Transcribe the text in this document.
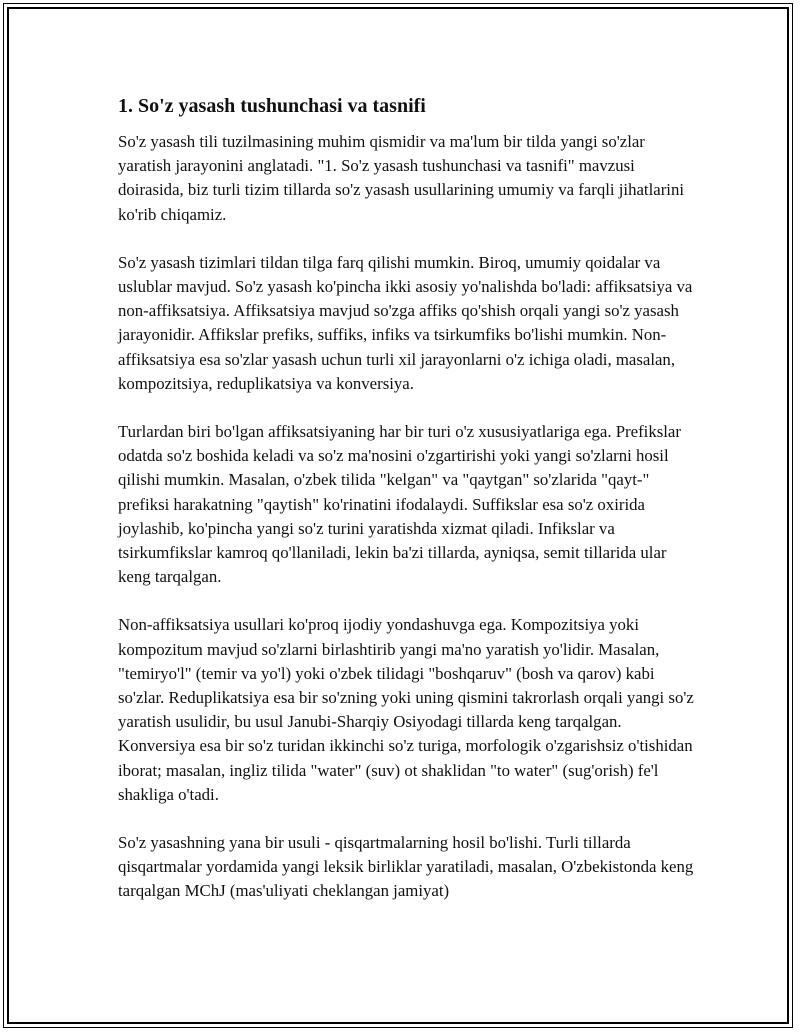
1. So'z yasash tushunchasi va tasnifi

So'z yasash tili tuzilmasining muhim qismidir va ma'lum bir tilda yangi so'zlar yaratish jarayonini anglatadi. "1. So'z yasash tushunchasi va tasnifi" mavzusi doirasida, biz turli tizim tillarda so'z yasash usullarining umumiy va farqli jihatlarini ko'rib chiqamiz.

So'z yasash tizimlari tildan tilga farq qilishi mumkin. Biroq, umumiy qoidalar va uslublar mavjud. So'z yasash ko'pincha ikki asosiy yo'nalishda bo'ladi: affiksatsiya va non-affiksatsiya. Affiksatsiya mavjud so'zga affiks qo'shish orqali yangi so'z yasash jarayonidir. Affikslar prefiks, suffiks, infiks va tsirkumfiks bo'lishi mumkin. Non-affiksatsiya esa so'zlar yasash uchun turli xil jarayonlarni o'z ichiga oladi, masalan, kompozitsiya, reduplikatsiya va konversiya.

Turlardan biri bo'lgan affiksatsiyaning har bir turi o'z xususiyatlariga ega. Prefikslar odatda so'z boshida keladi va so'z ma'nosini o'zgartirishi yoki yangi so'zlarni hosil qilishi mumkin. Masalan, o'zbek tilida "kelgan" va "qaytgan" so'zlarida "qayt-" prefiksi harakatning "qaytish" ko'rinatini ifodalaydi. Suffikslar esa so'z oxirida joylashib, ko'pincha yangi so'z turini yaratishda xizmat qiladi. Infikslar va tsirkumfikslar kamroq qo'llaniladi, lekin ba'zi tillarda, ayniqsa, semit tillarida ular keng tarqalgan.

Non-affiksatsiya usullari ko'proq ijodiy yondashuvga ega. Kompozitsiya yoki kompozitum mavjud so'zlarni birlashtirib yangi ma'no yaratish yo'lidir. Masalan, "temiryo'l" (temir va yo'l) yoki o'zbek tilidagi "boshqaruv" (bosh va qarov) kabi so'zlar. Reduplikatsiya esa bir so'zning yoki uning qismini takrorlash orqali yangi so'z yaratish usulidir, bu usul Janubi-Sharqiy Osiyodagi tillarda keng tarqalgan. Konversiya esa bir so'z turidan ikkinchi so'z turiga, morfologik o'zgarishsiz o'tishidan iborat; masalan, ingliz tilida "water" (suv) ot shaklidan "to water" (sug'orish) fe'l shakliga o'tadi.

So'z yasashning yana bir usuli - qisqartmalarning hosil bo'lishi. Turli tillarda qisqartmalar yordamida yangi leksik birliklar yaratiladi, masalan, O'zbekistonda keng tarqalgan MChJ (mas'uliyati cheklangan jamiyat)
